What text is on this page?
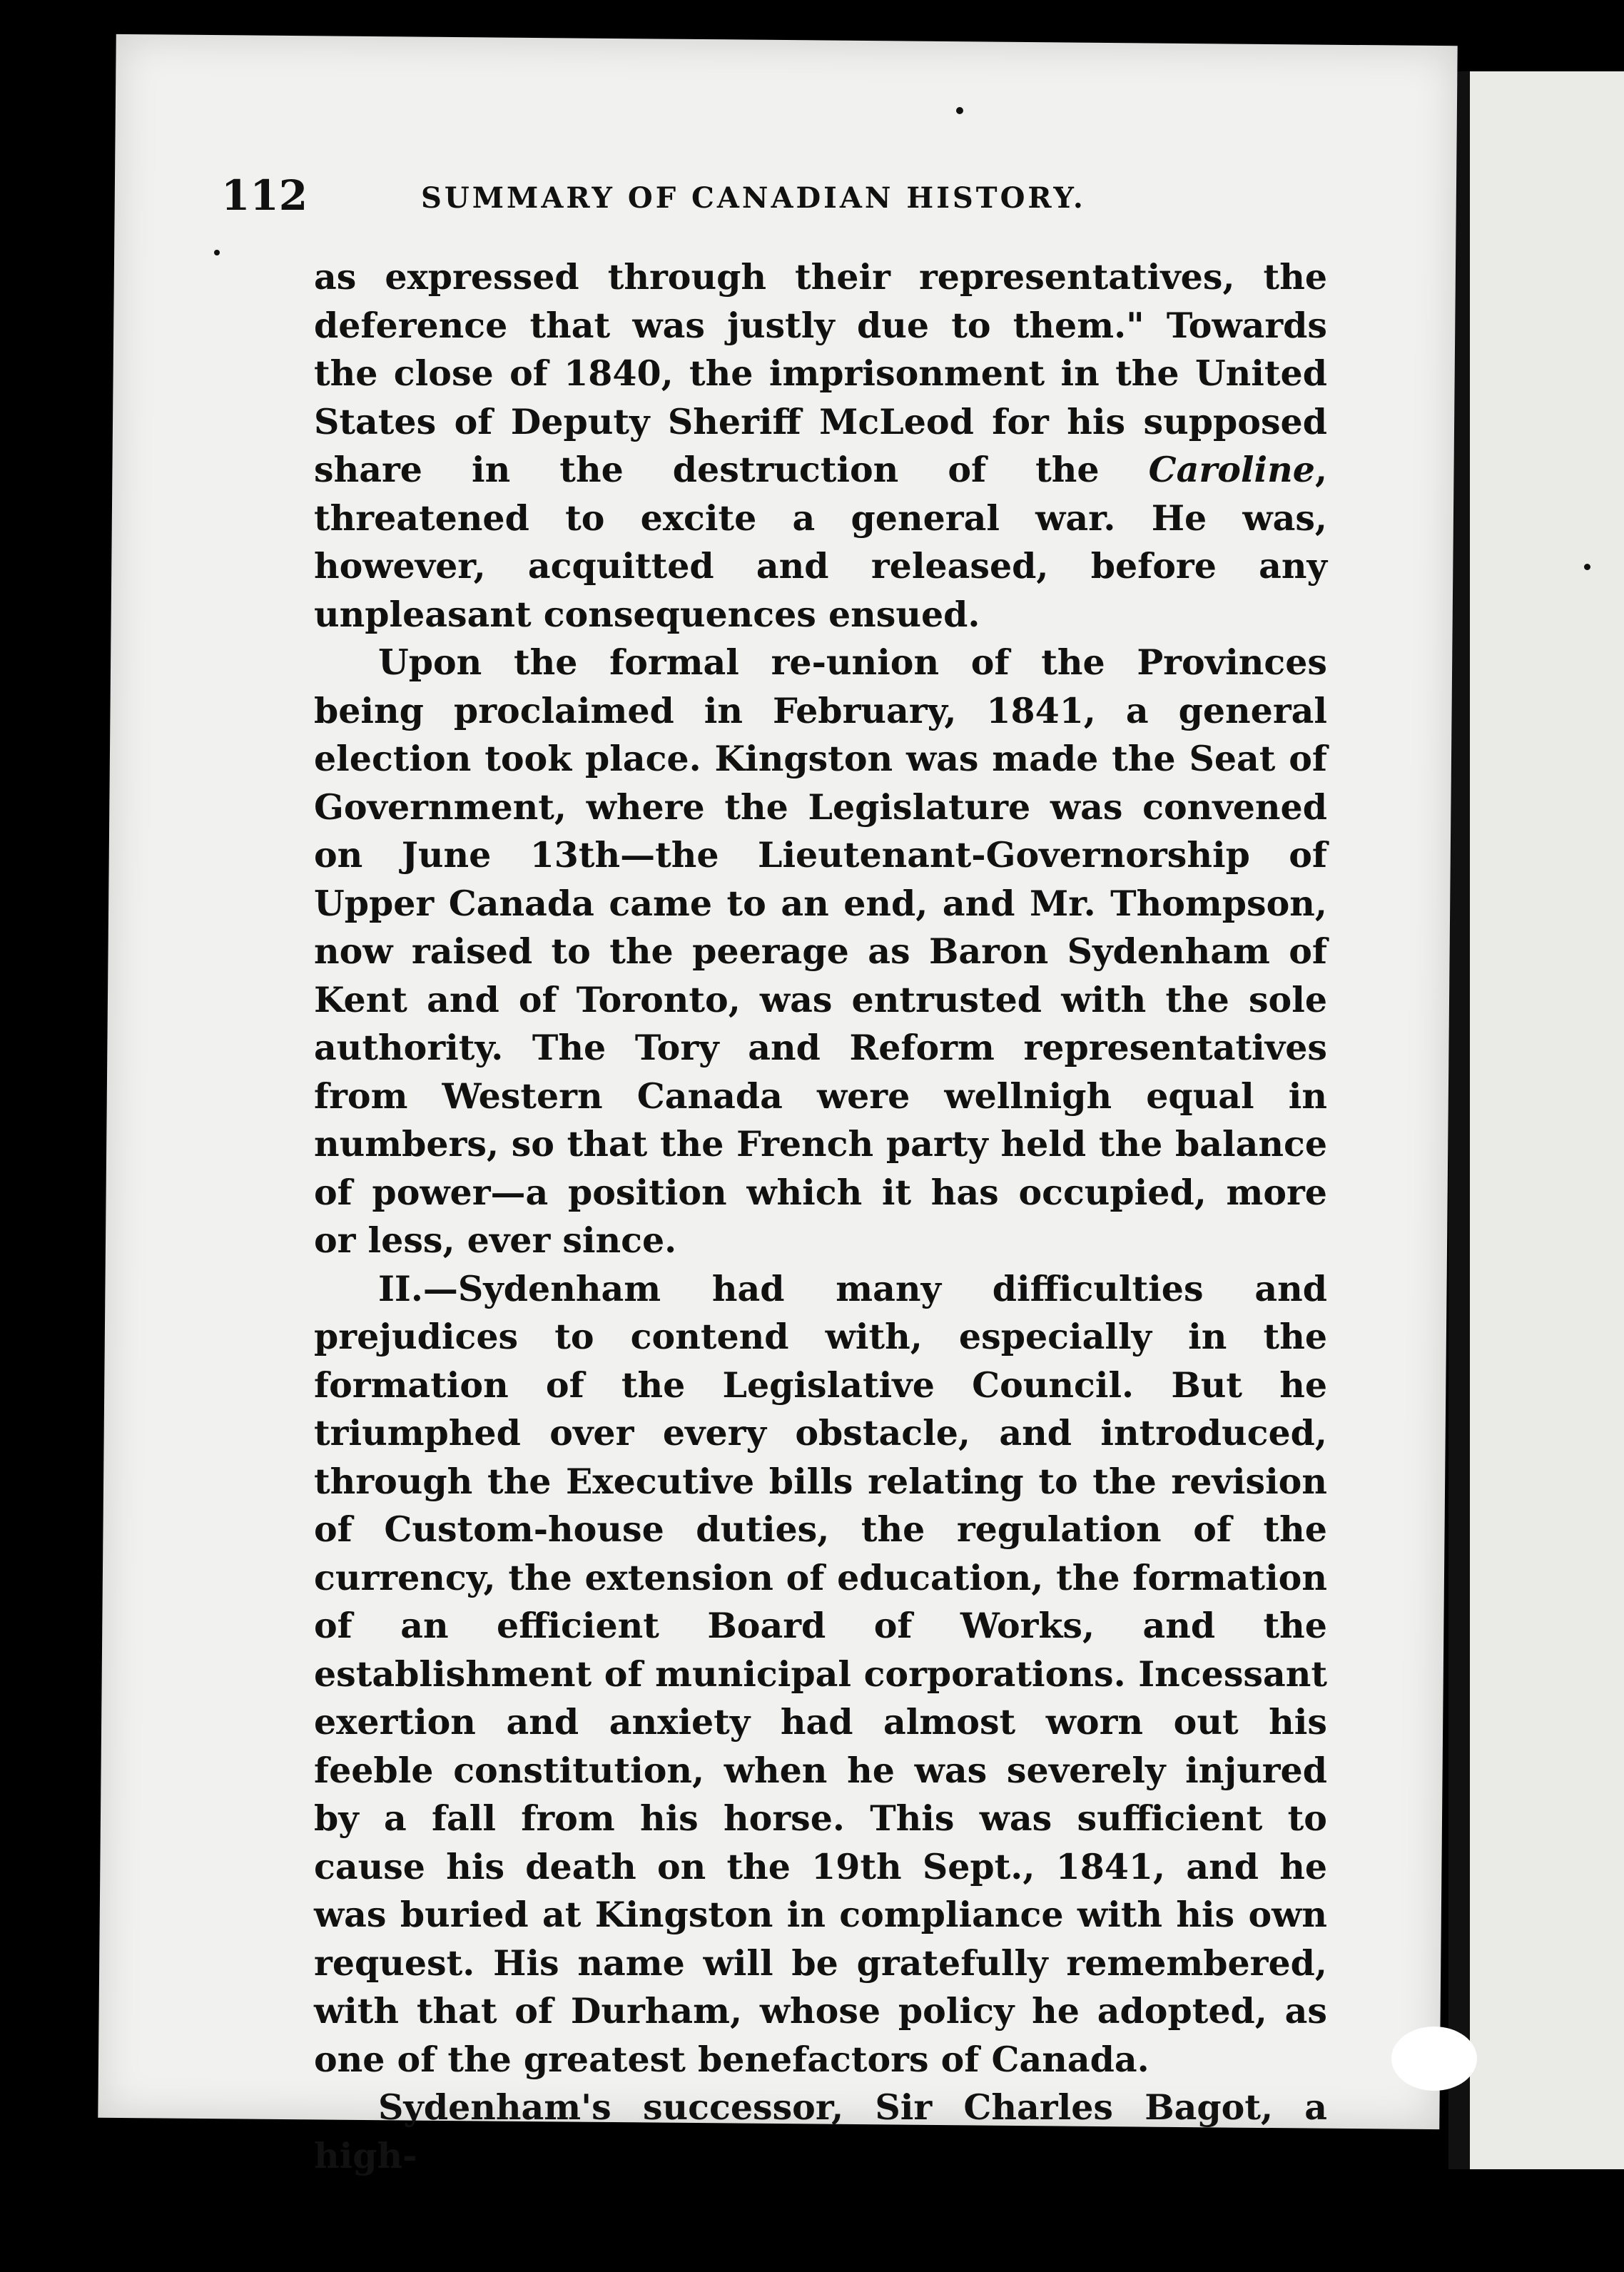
112	SUMMARY OF CANADIAN HISTORY.

as expressed through their representatives, the deference that was justly due to them." Towards the close of 1840, the imprisonment in the United States of Deputy Sheriff McLeod for his supposed share in the destruction of the Caroline, threatened to excite a general war. He was, however, acquitted and released, before any unpleasant consequences ensued.

Upon the formal re-union of the Provinces being proclaimed in February, 1841, a general election took place. Kingston was made the Seat of Government, where the Legislature was convened on June 13th—the Lieutenant-Governorship of Upper Canada came to an end, and Mr. Thompson, now raised to the peerage as Baron Sydenham of Kent and of Toronto, was entrusted with the sole authority. The Tory and Reform representatives from Western Canada were wellnigh equal in numbers, so that the French party held the balance of power—a position which it has occupied, more or less, ever since.

II.—Sydenham had many difficulties and prejudices to contend with, especially in the formation of the Legislative Council. But he triumphed over every obstacle, and introduced, through the Executive bills relating to the revision of Custom-house duties, the regulation of the currency, the extension of education, the formation of an efficient Board of Works, and the establishment of municipal corporations. Incessant exertion and anxiety had almost worn out his feeble constitution, when he was severely injured by a fall from his horse. This was sufficient to cause his death on the 19th Sept., 1841, and he was buried at Kingston in compliance with his own request. His name will be gratefully remembered, with that of Durham, whose policy he adopted, as one of the greatest benefactors of Canada.

Sydenham's successor, Sir Charles Bagot, a high-
